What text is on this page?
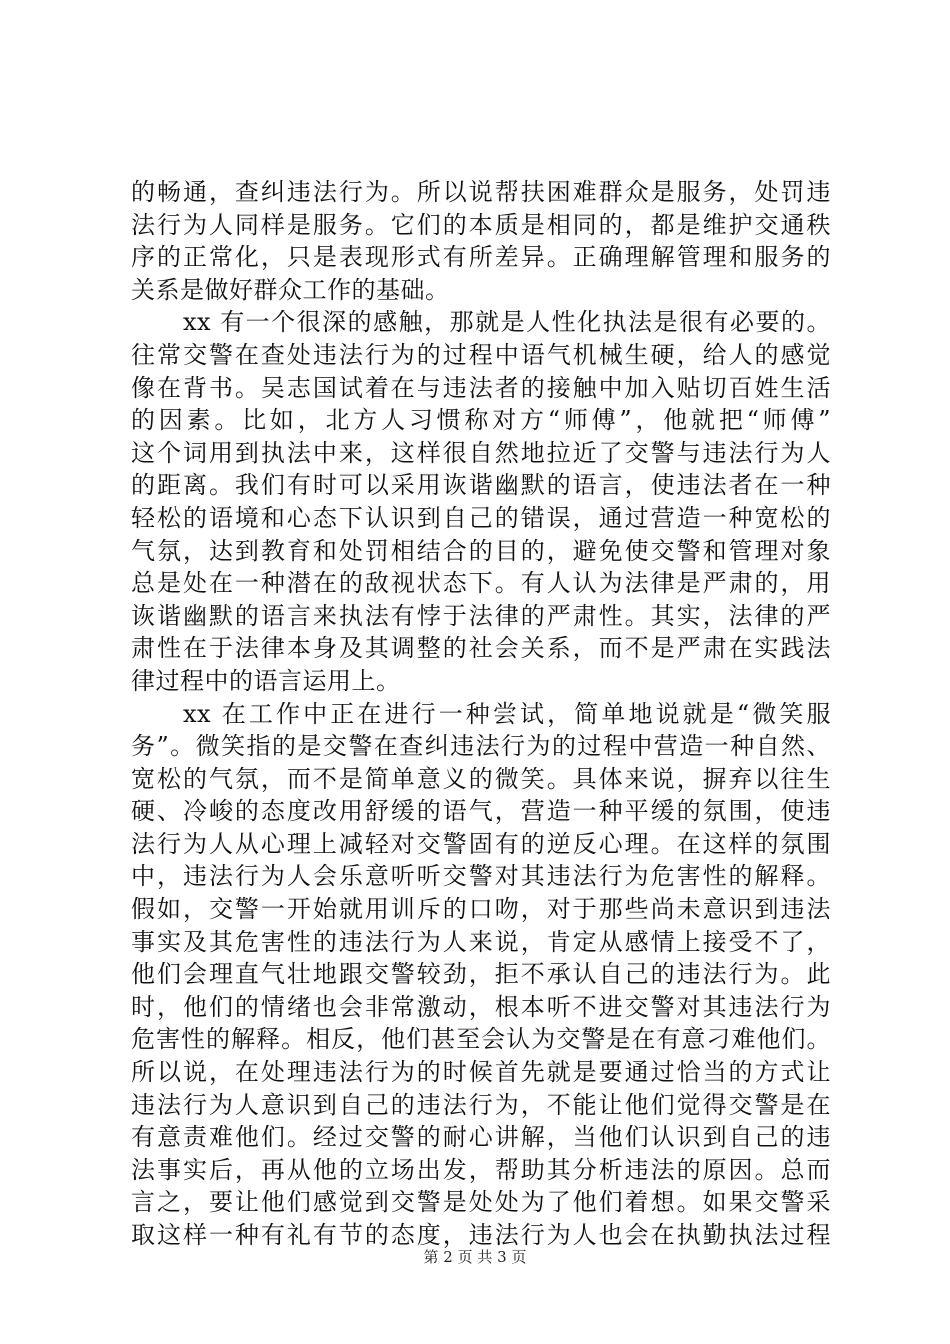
的畅通，查纠违法行为。所以说帮扶困难群众是服务，处罚违
法行为人同样是服务。它们的本质是相同的，都是维护交通秩
序的正常化，只是表现形式有所差异。正确理解管理和服务的
关系是做好群众工作的基础。
xx 有一个很深的感触，那就是人性化执法是很有必要的。
往常交警在查处违法行为的过程中语气机械生硬，给人的感觉
像在背书。吴志国试着在与违法者的接触中加入贴切百姓生活
的因素。比如，北方人习惯称对方“师傅”，他就把“师傅”
这个词用到执法中来，这样很自然地拉近了交警与违法行为人
的距离。我们有时可以采用诙谐幽默的语言，使违法者在一种
轻松的语境和心态下认识到自己的错误，通过营造一种宽松的
气氛，达到教育和处罚相结合的目的，避免使交警和管理对象
总是处在一种潜在的敌视状态下。有人认为法律是严肃的，用
诙谐幽默的语言来执法有悖于法律的严肃性。其实，法律的严
肃性在于法律本身及其调整的社会关系，而不是严肃在实践法
律过程中的语言运用上。
xx 在工作中正在进行一种尝试，简单地说就是“微笑服
务”。微笑指的是交警在查纠违法行为的过程中营造一种自然、
宽松的气氛，而不是简单意义的微笑。具体来说，摒弃以往生
硬、冷峻的态度改用舒缓的语气，营造一种平缓的氛围，使违
法行为人从心理上减轻对交警固有的逆反心理。在这样的氛围
中，违法行为人会乐意听听交警对其违法行为危害性的解释。
假如，交警一开始就用训斥的口吻，对于那些尚未意识到违法
事实及其危害性的违法行为人来说，肯定从感情上接受不了，
他们会理直气壮地跟交警较劲，拒不承认自己的违法行为。此
时，他们的情绪也会非常激动，根本听不进交警对其违法行为
危害性的解释。相反，他们甚至会认为交警是在有意刁难他们。
所以说，在处理违法行为的时候首先就是要通过恰当的方式让
违法行为人意识到自己的违法行为，不能让他们觉得交警是在
有意责难他们。经过交警的耐心讲解，当他们认识到自己的违
法事实后，再从他的立场出发，帮助其分析违法的原因。总而
言之，要让他们感觉到交警是处处为了他们着想。如果交警采
取这样一种有礼有节的态度，违法行为人也会在执勤执法过程
第 2 页 共 3 页
